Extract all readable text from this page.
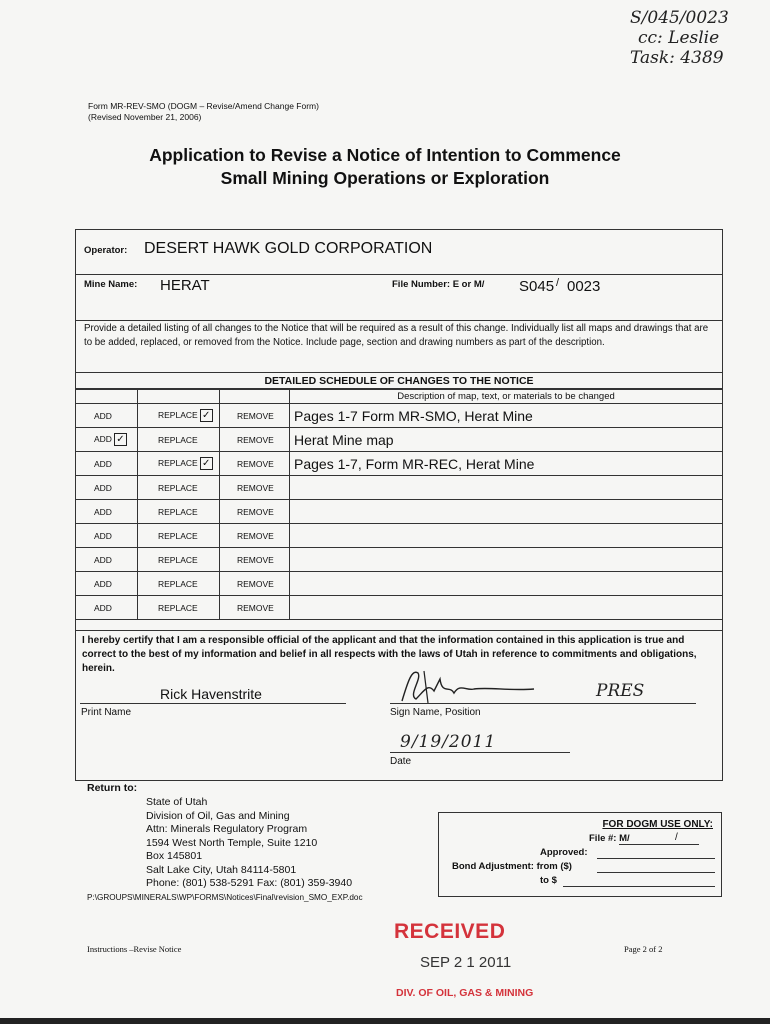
S/045/0023
cc: Leslie
Task: 4389
Form MR-REV-SMO (DOGM – Revise/Amend Change Form)
(Revised November 21, 2006)
Application to Revise a Notice of Intention to Commence
Small Mining Operations or Exploration
Operator: DESERT HAWK GOLD CORPORATION
Mine Name: HERAT	File Number: E or M/ S045 / 0023
Provide a detailed listing of all changes to the Notice that will be required as a result of this change. Individually list all maps and drawings that are to be added, replaced, or removed from the Notice. Include page, section and drawing numbers as part of the description.
DETAILED SCHEDULE OF CHANGES TO THE NOTICE
			Description of map, text, or materials to be changed
ADD	REPLACE ✓	REMOVE	Pages 1-7 Form MR-SMO, Herat Mine
ADD ✓	REPLACE	REMOVE	Herat Mine map
ADD	REPLACE ✓	REMOVE	Pages 1-7, Form MR-REC, Herat Mine
ADD	REPLACE	REMOVE	
ADD	REPLACE	REMOVE	
ADD	REPLACE	REMOVE	
ADD	REPLACE	REMOVE	
ADD	REPLACE	REMOVE	
ADD	REPLACE	REMOVE	
I hereby certify that I am a responsible official of the applicant and that the information contained in this application is true and correct to the best of my information and belief in all respects with the laws of Utah in reference to commitments and obligations, herein.
Rick Havenstrite
Print Name
PRES
Sign Name, Position
9/19/2011
Date
Return to:
State of Utah
Division of Oil, Gas and Mining
Attn: Minerals Regulatory Program
1594 West North Temple, Suite 1210
Box 145801
Salt Lake City, Utah 84114-5801
Phone: (801) 538-5291 Fax: (801) 359-3940
P:\GROUPS\MINERALS\WP\FORMS\Notices\Final\revision_SMO_EXP.doc
FOR DOGM USE ONLY:
File #: M/	/
Approved:
Bond Adjustment: from ($)
to $
Instructions –Revise Notice	Page 2 of 2
RECEIVED
SEP 2 1 2011
DIV. OF OIL, GAS & MINING
